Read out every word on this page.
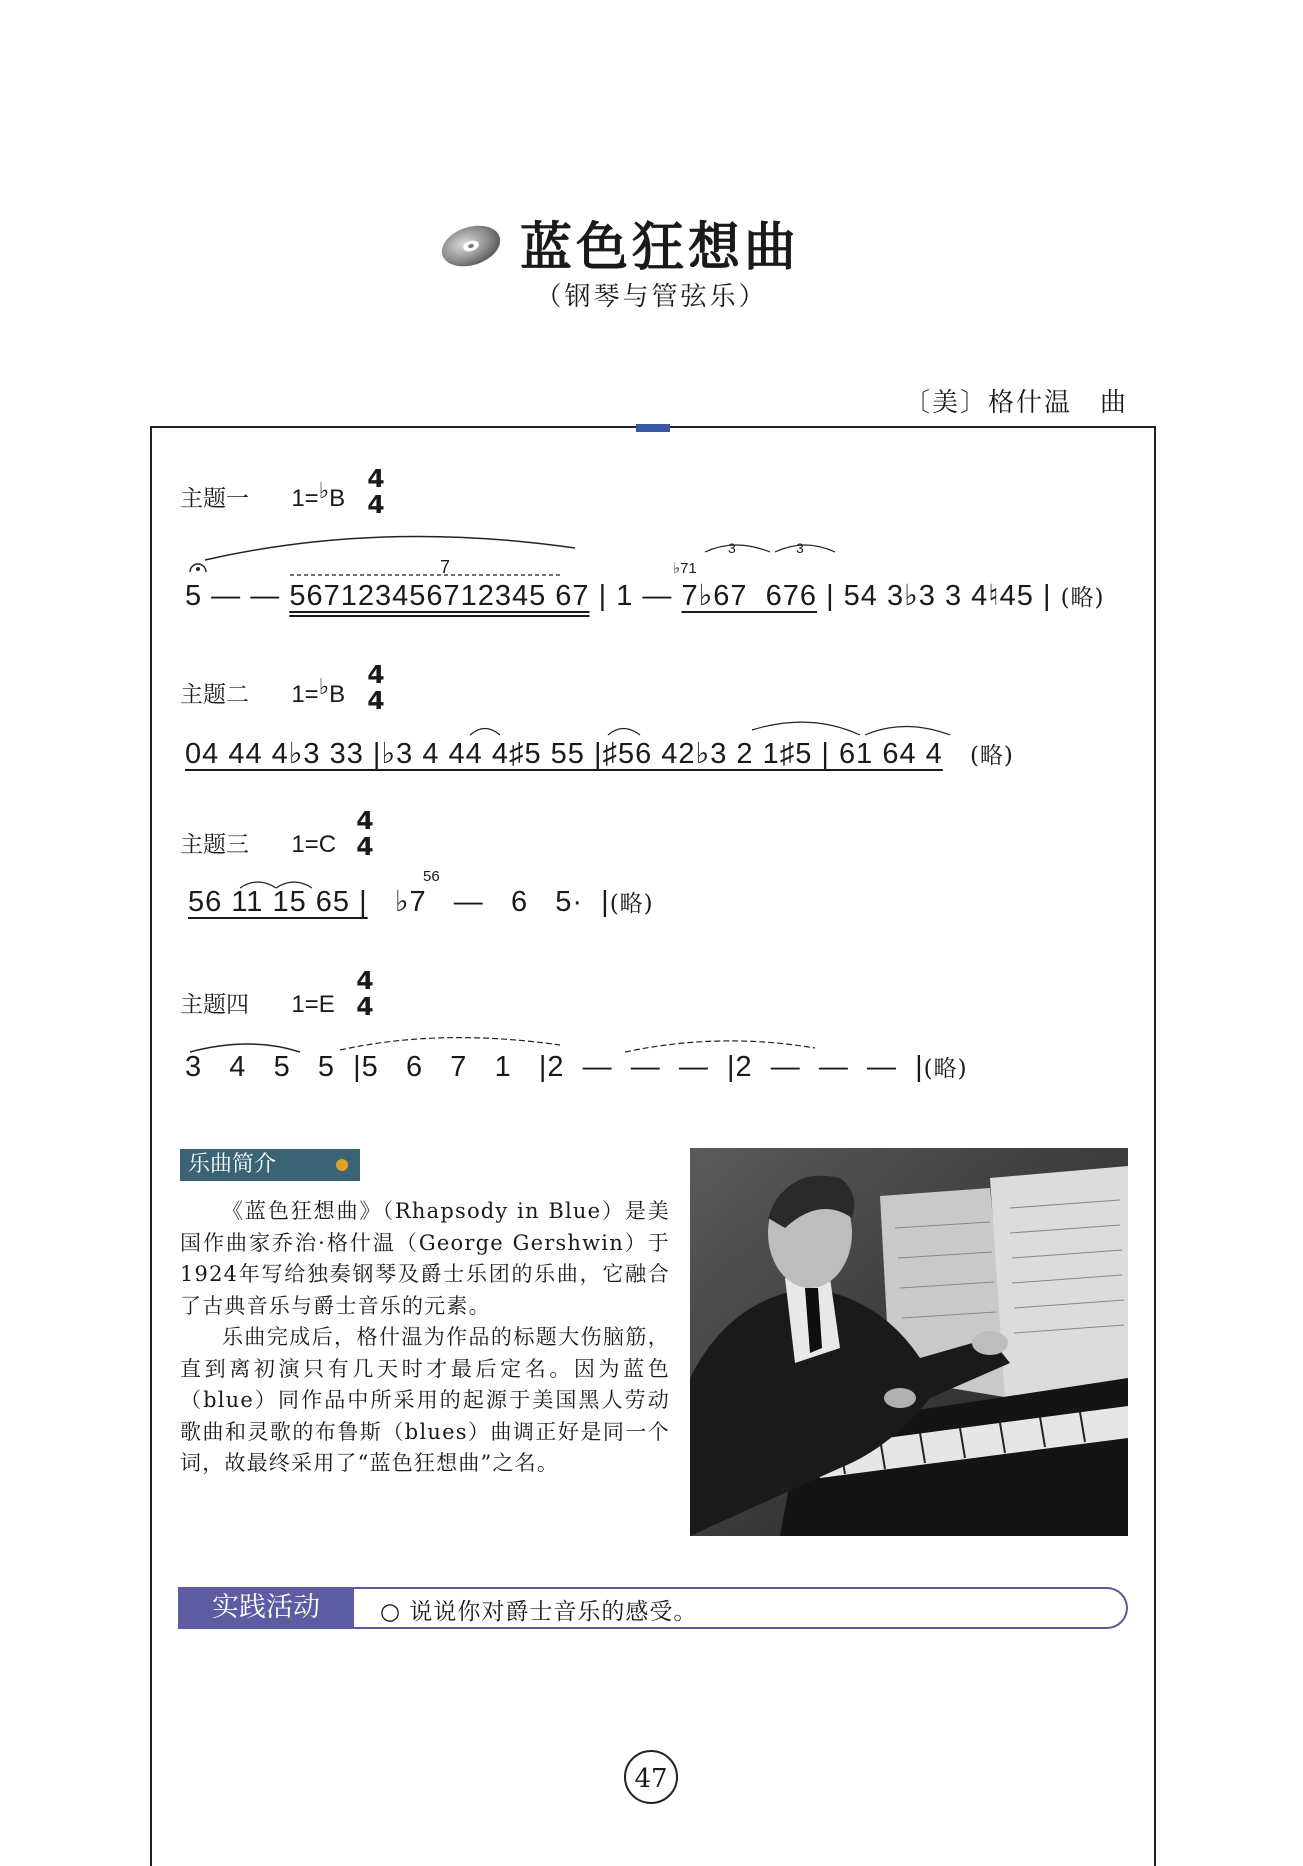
蓝色狂想曲
（钢琴与管弦乐）
〔美〕格什温　曲
主题一 1=♭B
4
4
5 — — 567123456712345 67 | 1 — 7♭67  676 | 54 3♭3 3 4♮45 | (略)
7	♭71
3	3
主题二 1=♭B
4
4
04 44 4♭3 33 |♭3 4 44 4♯5 55 |♯56 42♭3 2 1♯5 | 61 64 4 (略)
主题三 1=C
4
4
56
56 11 15 65 | ♭7   —   6   5·  |(略)
主题四 1=E
4
4
3   4   5   5  |5   6   7   1   |2  —  —  —  |2  —  —  —  |(略)
乐曲简介

《蓝色狂想曲》（Rhapsody in Blue）是美国作曲家乔治·格什温（George Gershwin）于1924年写给独奏钢琴及爵士乐团的乐曲，它融合了古典音乐与爵士音乐的元素。

乐曲完成后，格什温为作品的标题大伤脑筋，直到离初演只有几天时才最后定名。因为蓝色（blue）同作品中所采用的起源于美国黑人劳动歌曲和灵歌的布鲁斯（blues）曲调正好是同一个词，故最终采用了“蓝色狂想曲”之名。

实践活动	○ 说说你对爵士音乐的感受。
47
